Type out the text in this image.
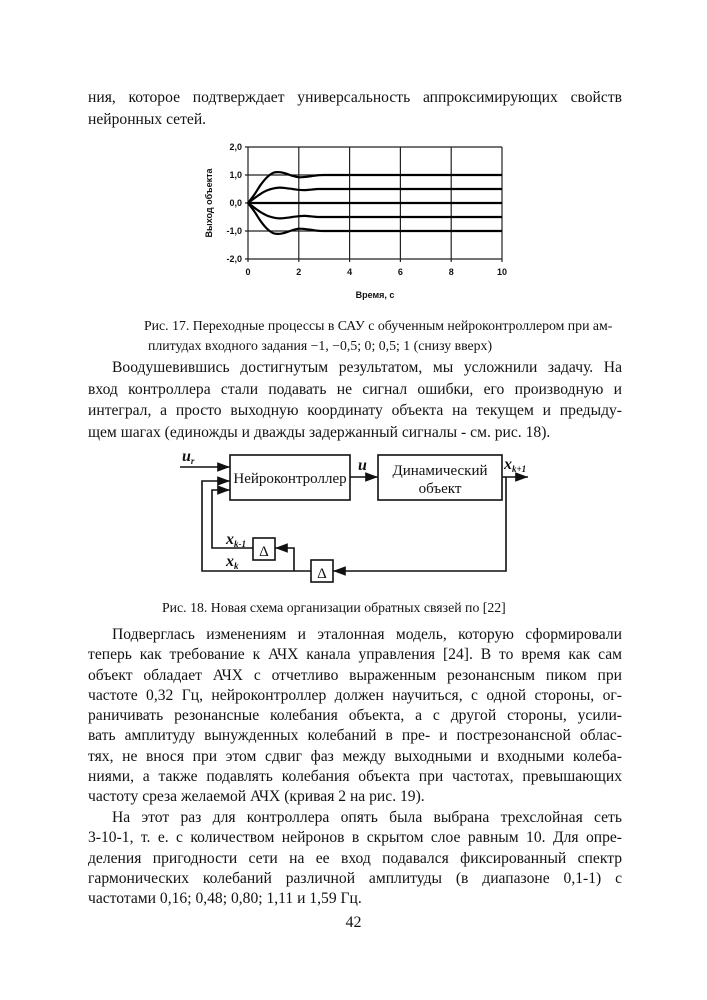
ния, которое подтверждает универсальность аппроксимирующих свойств
нейронных сетей.
0	2	4	6	8	10
2,0
1,0
0,0
-1,0
-2,0
Время, с
Выход объекта
Рис. 17. Переходные процессы в САУ с обученным нейроконтроллером при ам-
плитудах входного задания −1, −0,5; 0; 0,5; 1 (снизу вверх)
Воодушевившись достигнутым результатом, мы усложнили задачу. На
вход контроллера стали подавать не сигнал ошибки, его производную и
интеграл, а просто выходную координату объекта на текущем и предыду-
щем шагах (единожды и дважды задержанный сигналы - см. рис. 18).
Нейроконтроллер	Динамический
объект
Δ
Δ
ur	u	xk+1
xk-1
xk
Рис. 18. Новая схема организации обратных связей по [22]
Подверглась изменениям и эталонная модель, которую сформировали
теперь как требование к АЧХ канала управления [24]. В то время как сам
объект обладает АЧХ с отчетливо выраженным резонансным пиком при
частоте 0,32 Гц, нейроконтроллер должен научиться, с одной стороны, ог-
раничивать резонансные колебания объекта, а с другой стороны, усили-
вать амплитуду вынужденных колебаний в пре- и пострезонансной облас-
тях, не внося при этом сдвиг фаз между выходными и входными колеба-
ниями, а также подавлять колебания объекта при частотах, превышающих
частоту среза желаемой АЧХ (кривая 2 на рис. 19).
На этот раз для контроллера опять была выбрана трехслойная сеть
3-10-1, т. е. с количеством нейронов в скрытом слое равным 10. Для опре-
деления пригодности сети на ее вход подавался фиксированный спектр
гармонических колебаний различной амплитуды (в диапазоне 0,1-1) с
частотами 0,16; 0,48; 0,80; 1,11 и 1,59 Гц.
42
